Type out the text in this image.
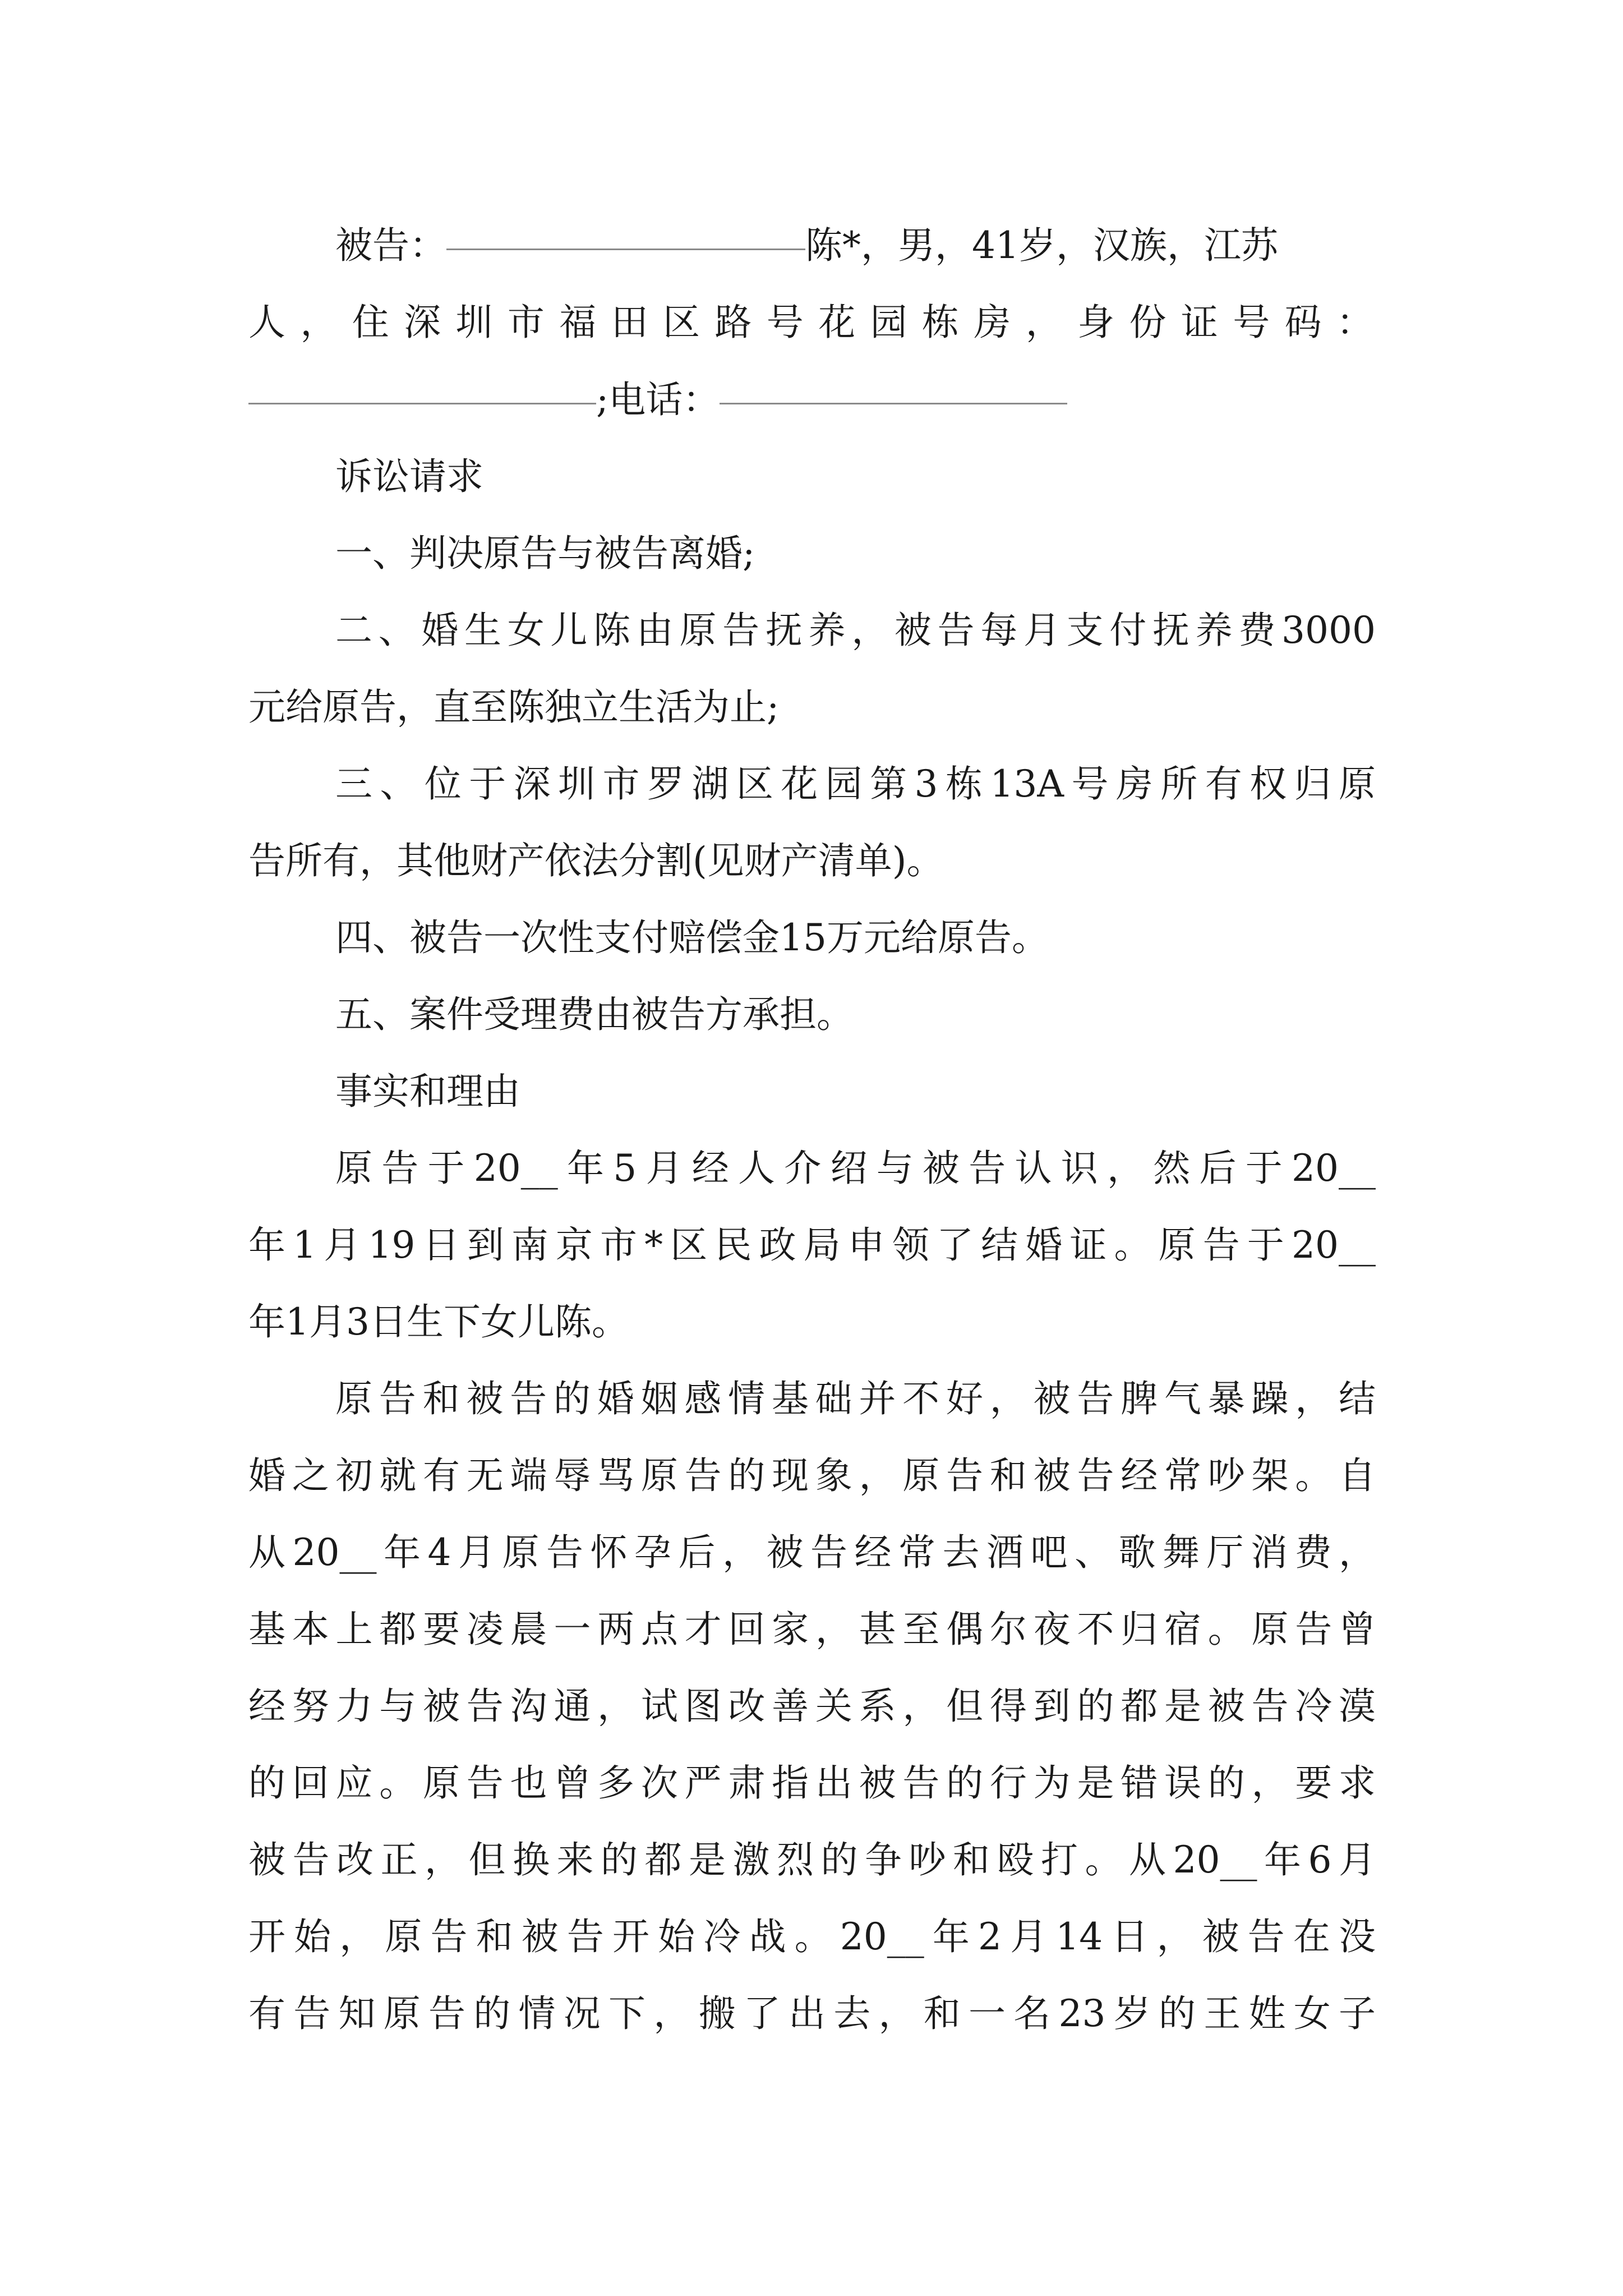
被告：	陈*，男，41岁，汉族，江苏
人，住深圳市福田区路号花园栋房，身份证号码：
;电话：
诉讼请求
一、判决原告与被告离婚;
二、婚生女儿陈由原告抚养，被告每月支付抚养费3000
元给原告，直至陈独立生活为止;
三、位于深圳市罗湖区花园第3栋13A号房所有权归原
告所有，其他财产依法分割(见财产清单)。
四、被告一次性支付赔偿金15万元给原告。
五、案件受理费由被告方承担。
事实和理由
原告于20__年5月经人介绍与被告认识，然后于20__
年1月19日到南京市*区民政局申领了结婚证。原告于20__
年1月3日生下女儿陈。
原告和被告的婚姻感情基础并不好，被告脾气暴躁，结
婚之初就有无端辱骂原告的现象，原告和被告经常吵架。自
从20__年4月原告怀孕后，被告经常去酒吧、歌舞厅消费，
基本上都要凌晨一两点才回家，甚至偶尔夜不归宿。原告曾
经努力与被告沟通，试图改善关系，但得到的都是被告冷漠
的回应。原告也曾多次严肃指出被告的行为是错误的，要求
被告改正，但换来的都是激烈的争吵和殴打。从20__年6月
开始，原告和被告开始冷战。20__年2月14日，被告在没
有告知原告的情况下，搬了出去，和一名23岁的王姓女子
